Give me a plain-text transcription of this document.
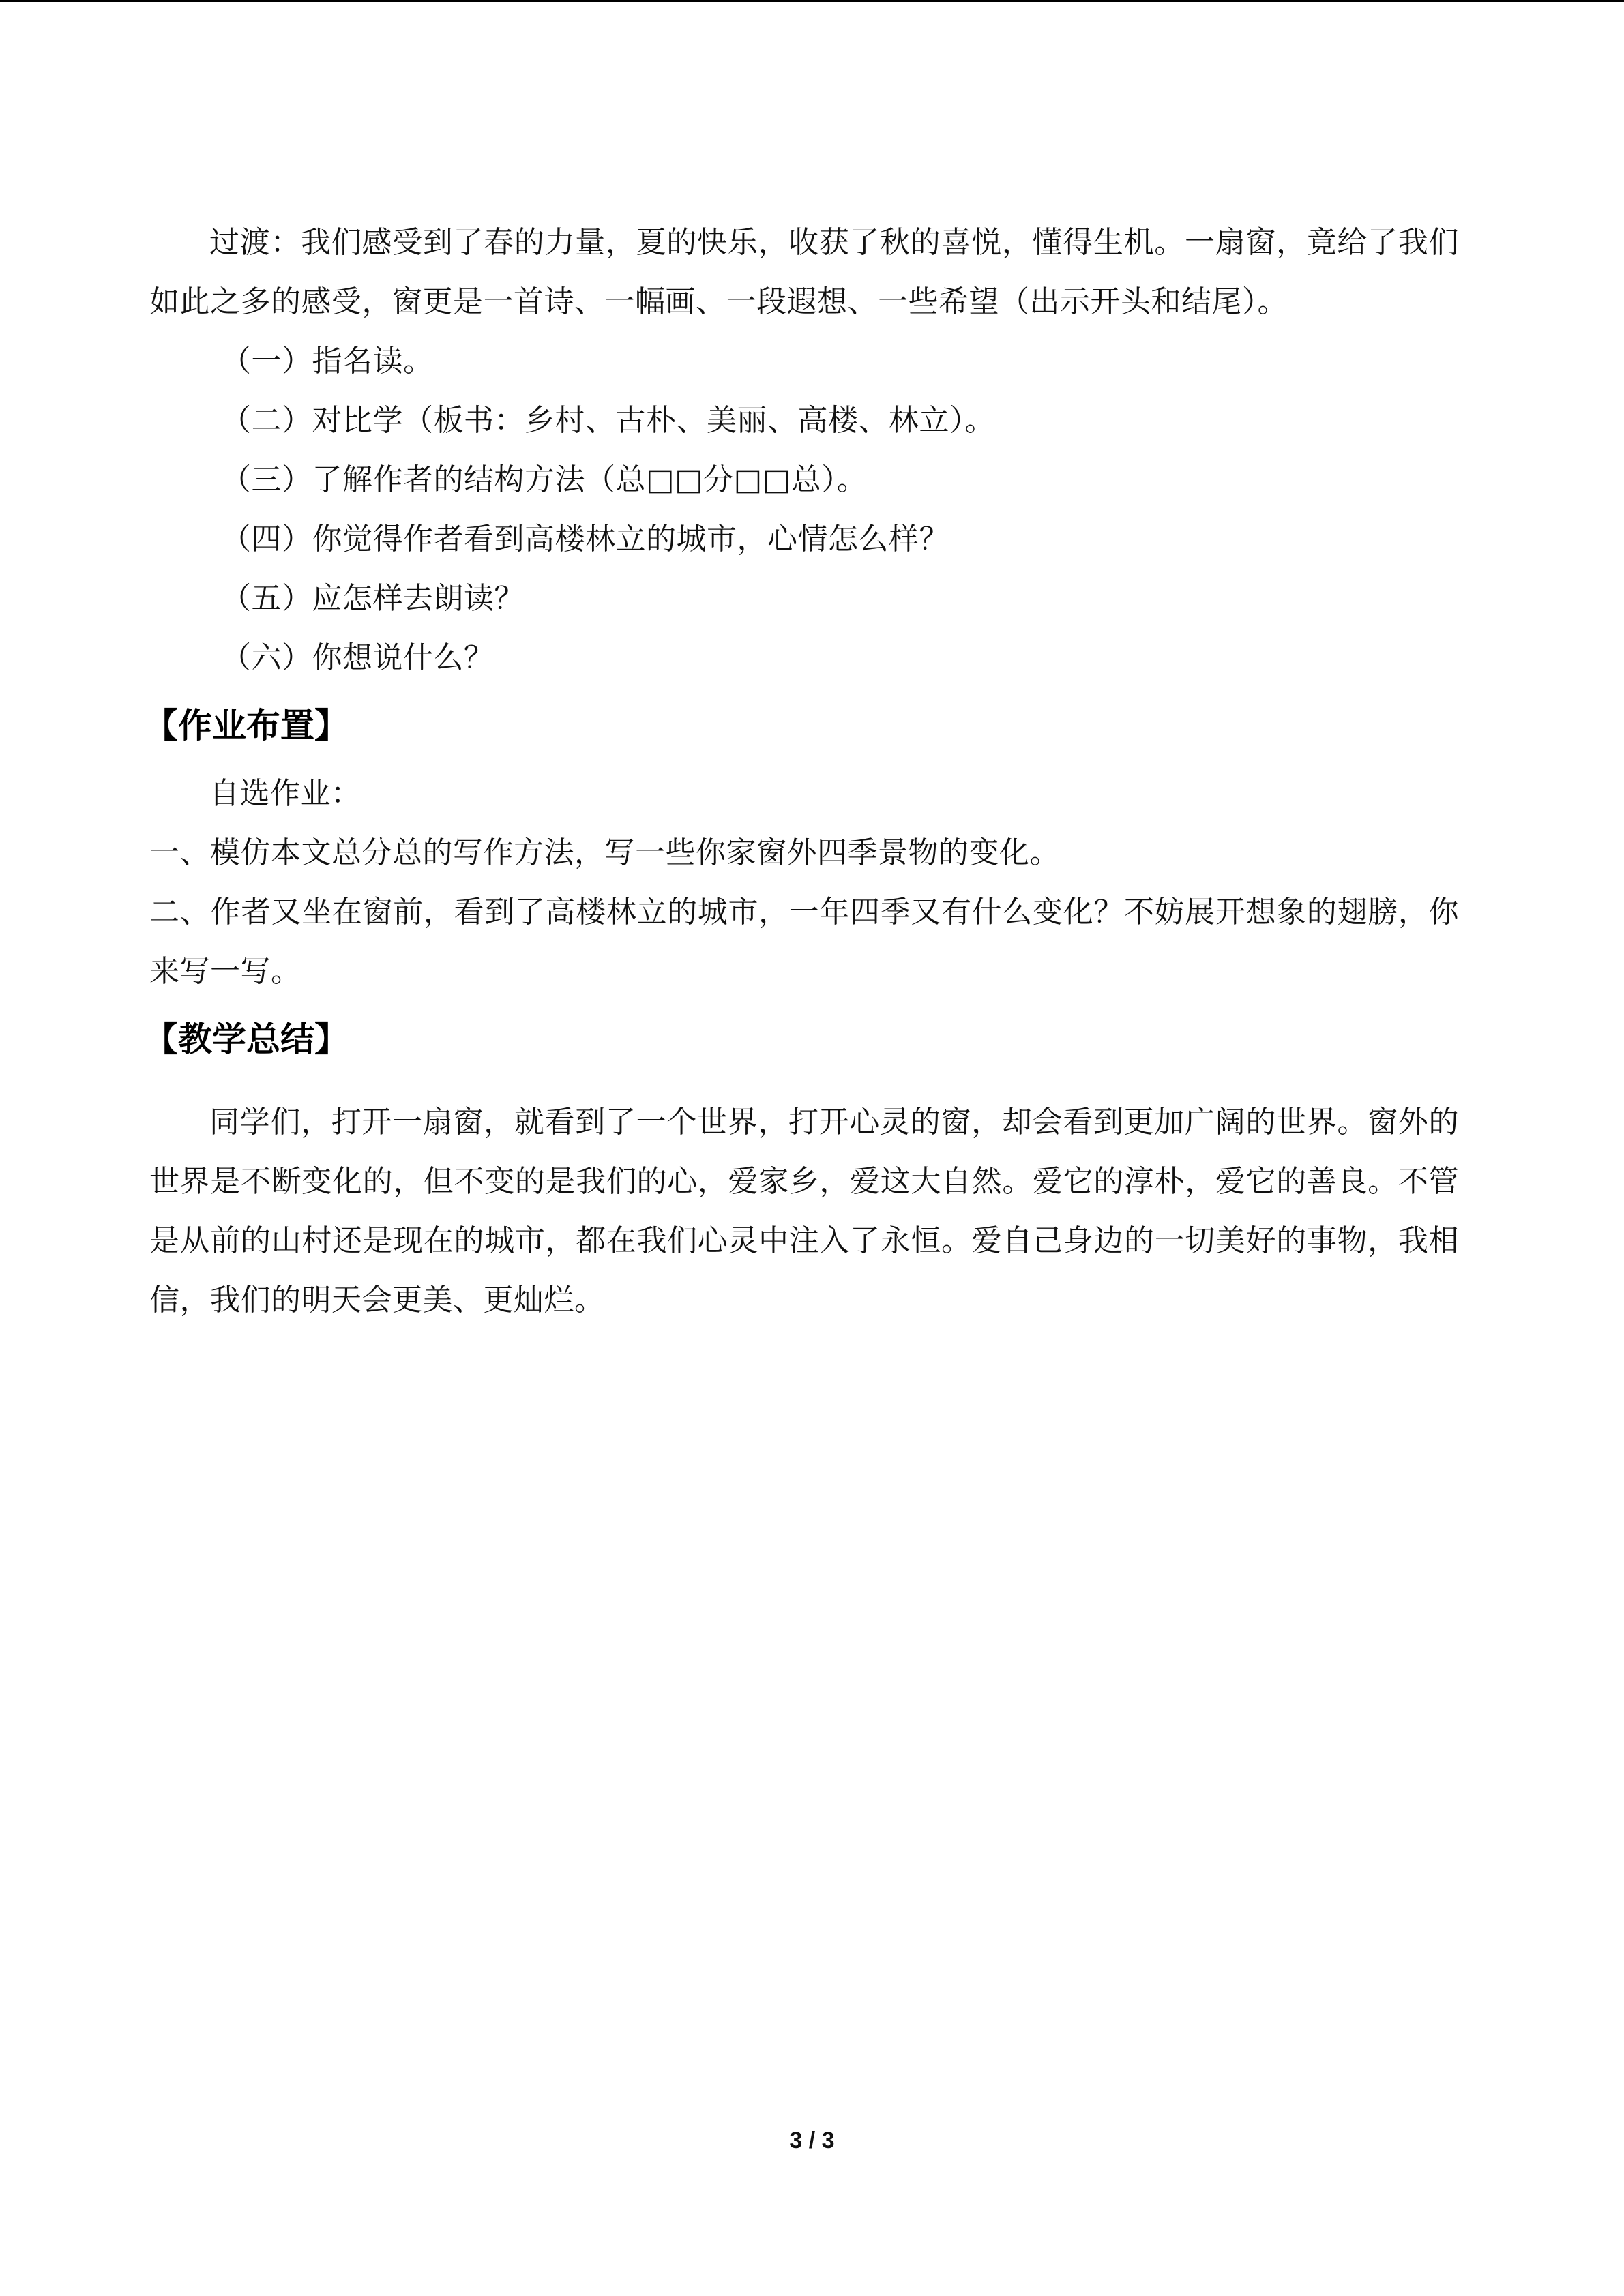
过渡：我们感受到了春的力量，夏的快乐，收获了秋的喜悦，懂得生机。一扇窗，竟给了我们如此之多的感受，窗更是一首诗、一幅画、一段遐想、一些希望（出示开头和结尾）。

（一）指名读。

（二）对比学（板书：乡村、古朴、美丽、高楼、林立）。

（三）了解作者的结构方法（总□□分□□总）。

（四）你觉得作者看到高楼林立的城市，心情怎么样？

（五）应怎样去朗读？

（六）你想说什么？

【作业布置】

自选作业：

一、模仿本文总分总的写作方法，写一些你家窗外四季景物的变化。

二、作者又坐在窗前，看到了高楼林立的城市，一年四季又有什么变化？不妨展开想象的翅膀，你来写一写。

【教学总结】

同学们，打开一扇窗，就看到了一个世界，打开心灵的窗，却会看到更加广阔的世界。窗外的世界是不断变化的，但不变的是我们的心，爱家乡，爱这大自然。爱它的淳朴，爱它的善良。不管是从前的山村还是现在的城市，都在我们心灵中注入了永恒。爱自己身边的一切美好的事物，我相信，我们的明天会更美、更灿烂。

3 / 3
